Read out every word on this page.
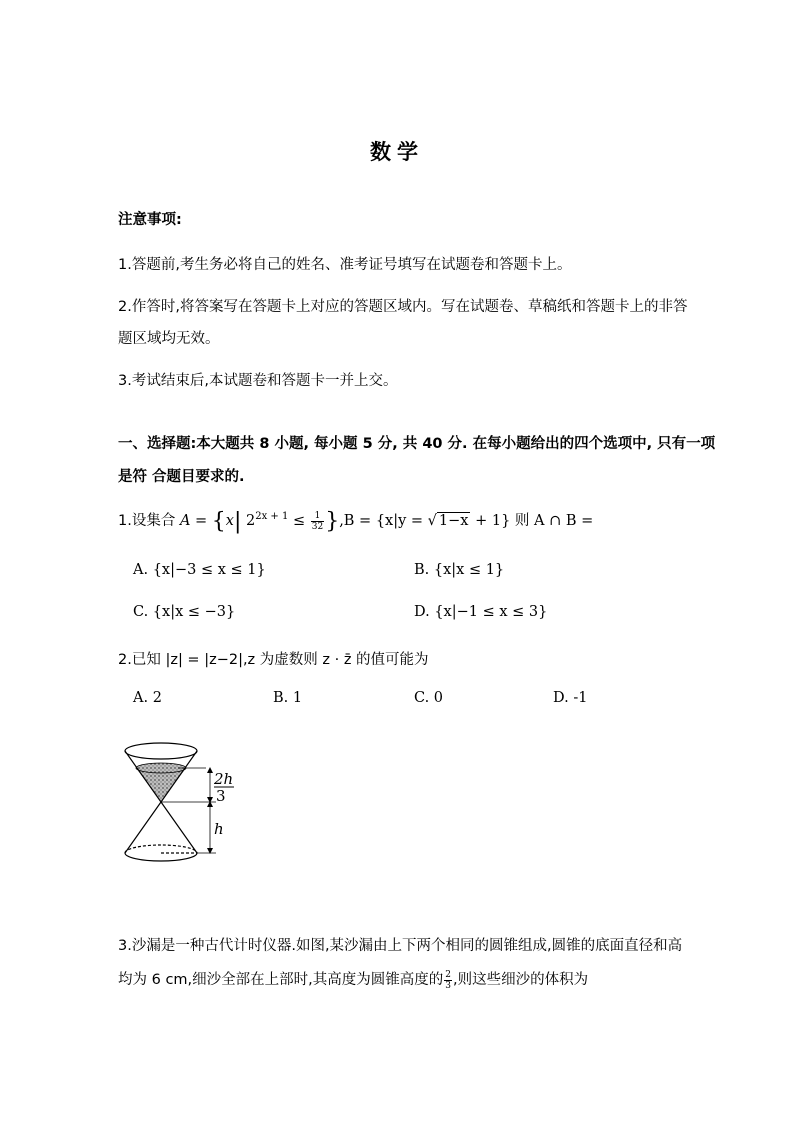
数学
注意事项:
1.答题前,考生务必将自己的姓名、准考证号填写在试题卷和答题卡上。
2.作答时,将答案写在答题卡上对应的答题区域内。写在试题卷、草稿纸和答题卡上的非答
题区域均无效。
3.考试结束后,本试题卷和答题卡一并上交。
一、选择题:本大题共 8 小题, 每小题 5 分, 共 40 分. 在每小题给出的四个选项中, 只有一项
是符 合题目要求的.
1.设集合 A = {x| $2^{2x + 1} \le \frac{1}{32} \},B = \{x|y$ = √ 1−x + 1} 则 A ∩ B =
A. {x|−3 ≤ x ≤ 1}	B. {x|x ≤ 1}
C. {x|x ≤ −3}	D. {x|−1 ≤ x ≤ 3}
2.已知 |z| = |z−2|,z 为虚数则 z · z̄ 的值可能为
A. 2	B. 1	C. 0	D. -1
2h
3
h
3.沙漏是一种古代计时仪器.如图,某沙漏由上下两个相同的圆锥组成,圆锥的底面直径和高
均为 6 cm,细沙全部在上部时,其高度为圆锥高度的 $\frac{2}{3}$ ,则这些细沙的体积为
